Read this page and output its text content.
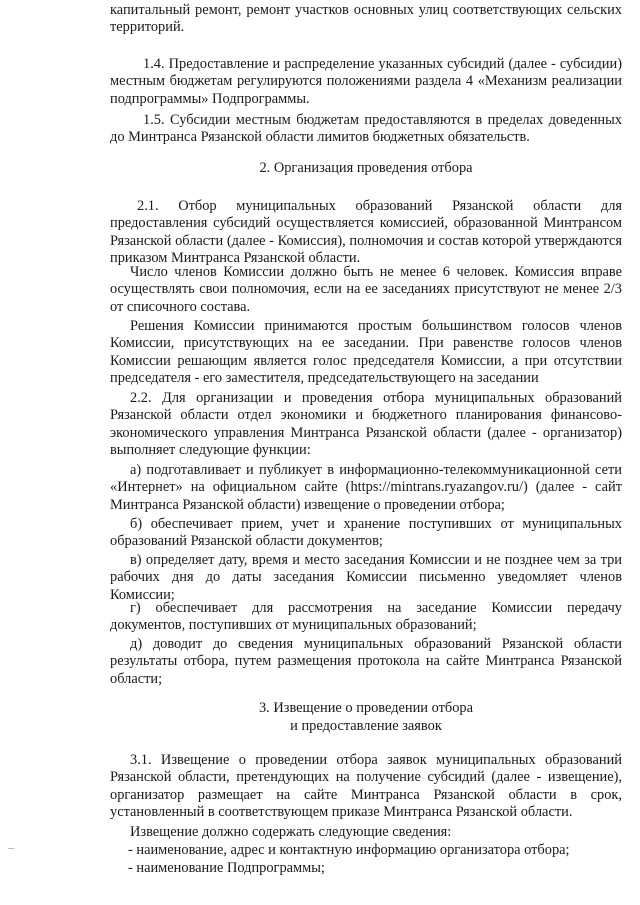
капитальный ремонт, ремонт участков основных улиц соответствующих сельских территорий.

1.4. Предоставление и распределение указанных субсидий (далее - субсидии) местным бюджетам регулируются положениями раздела 4 «Механизм реализации подпрограммы» Подпрограммы.

1.5. Субсидии местным бюджетам предоставляются в пределах доведенных до Минтранса Рязанской области лимитов бюджетных обязательств.

2. Организация проведения отбора

2.1. Отбор муниципальных образований Рязанской области для предоставления субсидий осуществляется комиссией, образованной Минтрансом Рязанской области (далее - Комиссия), полномочия и состав которой утверждаются приказом Минтранса Рязанской области.

Число членов Комиссии должно быть не менее 6 человек. Комиссия вправе осуществлять свои полномочия, если на ее заседаниях присутствуют не менее 2/3 от списочного состава.

Решения Комиссии принимаются простым большинством голосов членов Комиссии, присутствующих на ее заседании. При равенстве голосов членов Комиссии решающим является голос председателя Комиссии, а при отсутствии председателя - его заместителя, председательствующего на заседании

2.2. Для организации и проведения отбора муниципальных образований Рязанской области отдел экономики и бюджетного планирования финансово-экономического управления Минтранса Рязанской области (далее - организатор) выполняет следующие функции:

а) подготавливает и публикует в информационно-телекоммуникационной сети «Интернет» на официальном сайте (https://mintrans.ryazangov.ru/) (далее - сайт Минтранса Рязанской области) извещение о проведении отбора;

б) обеспечивает прием, учет и хранение поступивших от муниципальных образований Рязанской области документов;

в) определяет дату, время и место заседания Комиссии и не позднее чем за три рабочих дня до даты заседания Комиссии письменно уведомляет членов Комиссии;

г) обеспечивает для рассмотрения на заседание Комиссии передачу документов, поступивших от муниципальных образований;

д) доводит до сведения муниципальных образований Рязанской области результаты отбора, путем размещения протокола на сайте Минтранса Рязанской области;

3. Извещение о проведении отбора
и предоставление заявок

3.1. Извещение о проведении отбора заявок муниципальных образований Рязанской области, претендующих на получение субсидий (далее - извещение), организатор размещает на сайте Минтранса Рязанской области в срок, установленный в соответствующем приказе Минтранса Рязанской области.

Извещение должно содержать следующие сведения:

- наименование, адрес и контактную информацию организатора отбора;

- наименование Подпрограммы;
